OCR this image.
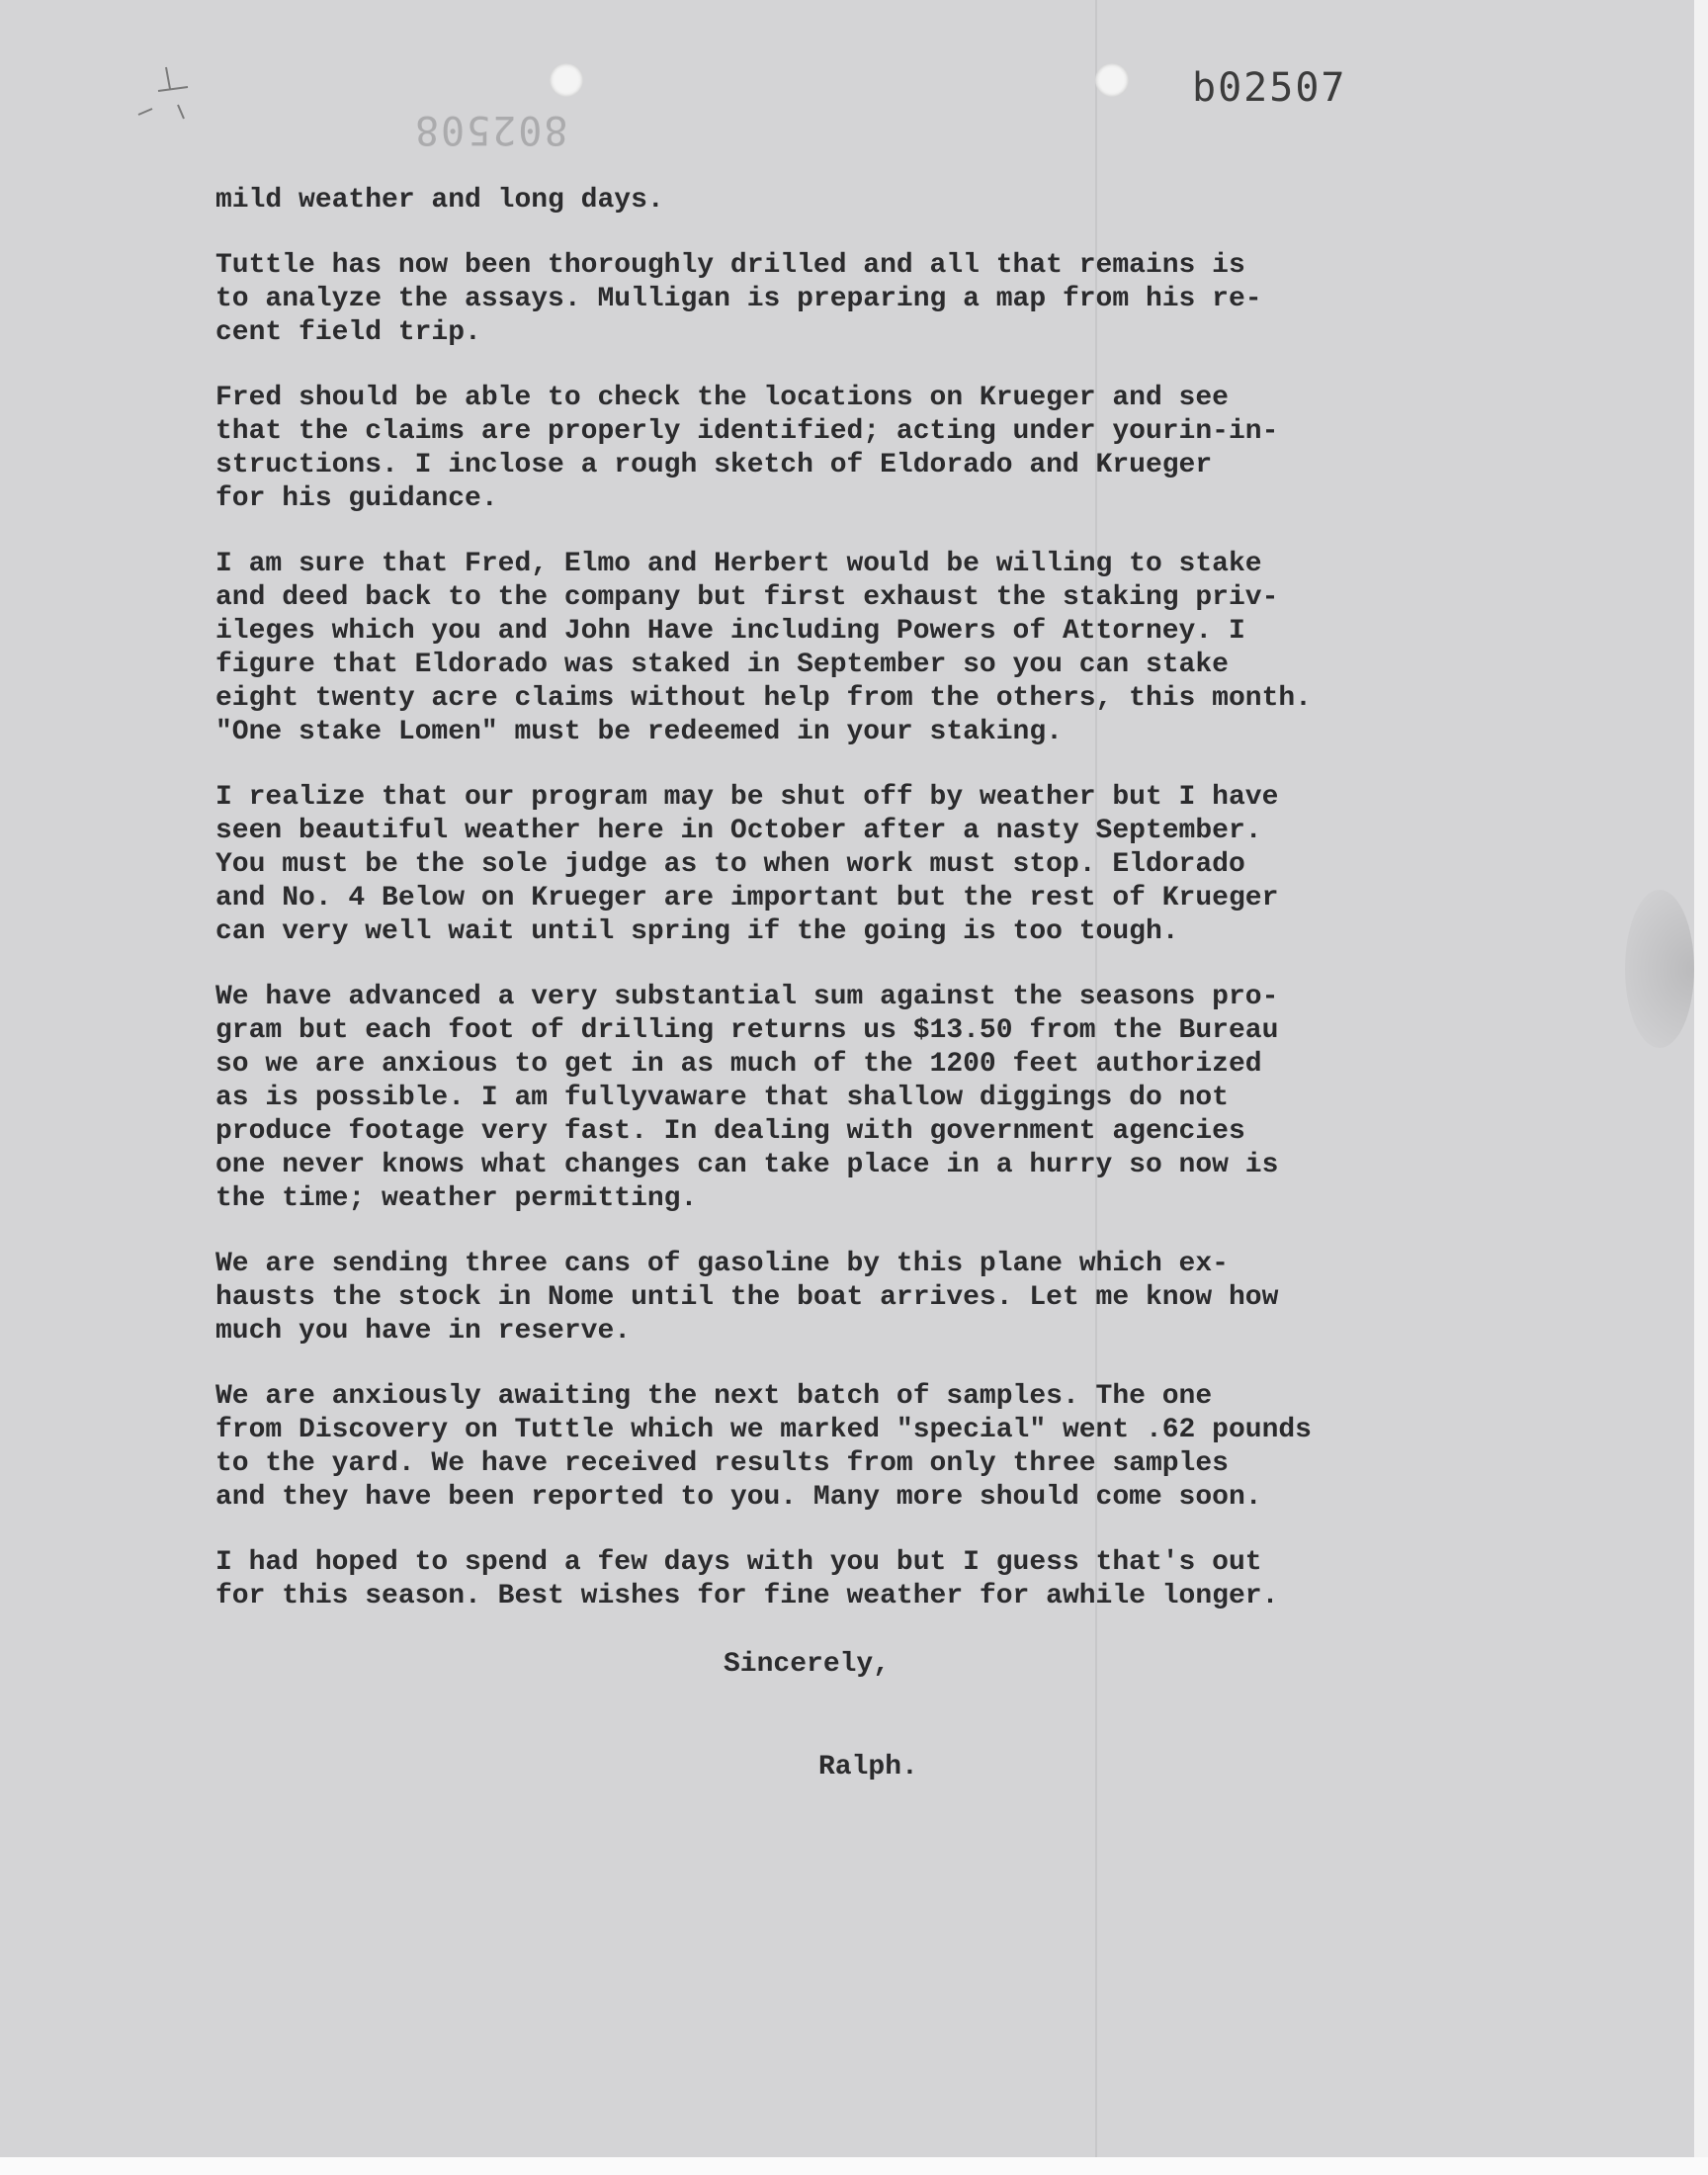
b02507
802508

mild weather and long days.

Tuttle has now been thoroughly drilled and all that remains is
to analyze the assays. Mulligan is preparing a map from his re-
cent field trip.

Fred should be able to check the locations on Krueger and see
that the claims are properly identified; acting under yourin-in-
structions. I inclose a rough sketch of Eldorado and Krueger
for his guidance.

I am sure that Fred, Elmo and Herbert would be willing to stake
and deed back to the company but first exhaust the staking priv-
ileges which you and John Have including Powers of Attorney. I
figure that Eldorado was staked in September so you can stake
eight twenty acre claims without help from the others, this month.
"One stake Lomen" must be redeemed in your staking.

I realize that our program may be shut off by weather but I have
seen beautiful weather here in October after a nasty September.
You must be the sole judge as to when work must stop. Eldorado
and No. 4 Below on Krueger are important but the rest of Krueger
can very well wait until spring if the going is too tough.

We have advanced a very substantial sum against the seasons pro-
gram but each foot of drilling returns us $13.50 from the Bureau
so we are anxious to get in as much of the 1200 feet authorized
as is possible. I am fullyvaware that shallow diggings do not
produce footage very fast. In dealing with government agencies
one never knows what changes can take place in a hurry so now is
the time; weather permitting.

We are sending three cans of gasoline by this plane which ex-
hausts the stock in Nome until the boat arrives. Let me know how
much you have in reserve.

We are anxiously awaiting the next batch of samples. The one
from Discovery on Tuttle which we marked "special" went .62 pounds
to the yard. We have received results from only three samples
and they have been reported to you. Many more should come soon.

I had hoped to spend a few days with you but I guess that's out
for this season. Best wishes for fine weather for awhile longer.

Sincerely,
Ralph.
